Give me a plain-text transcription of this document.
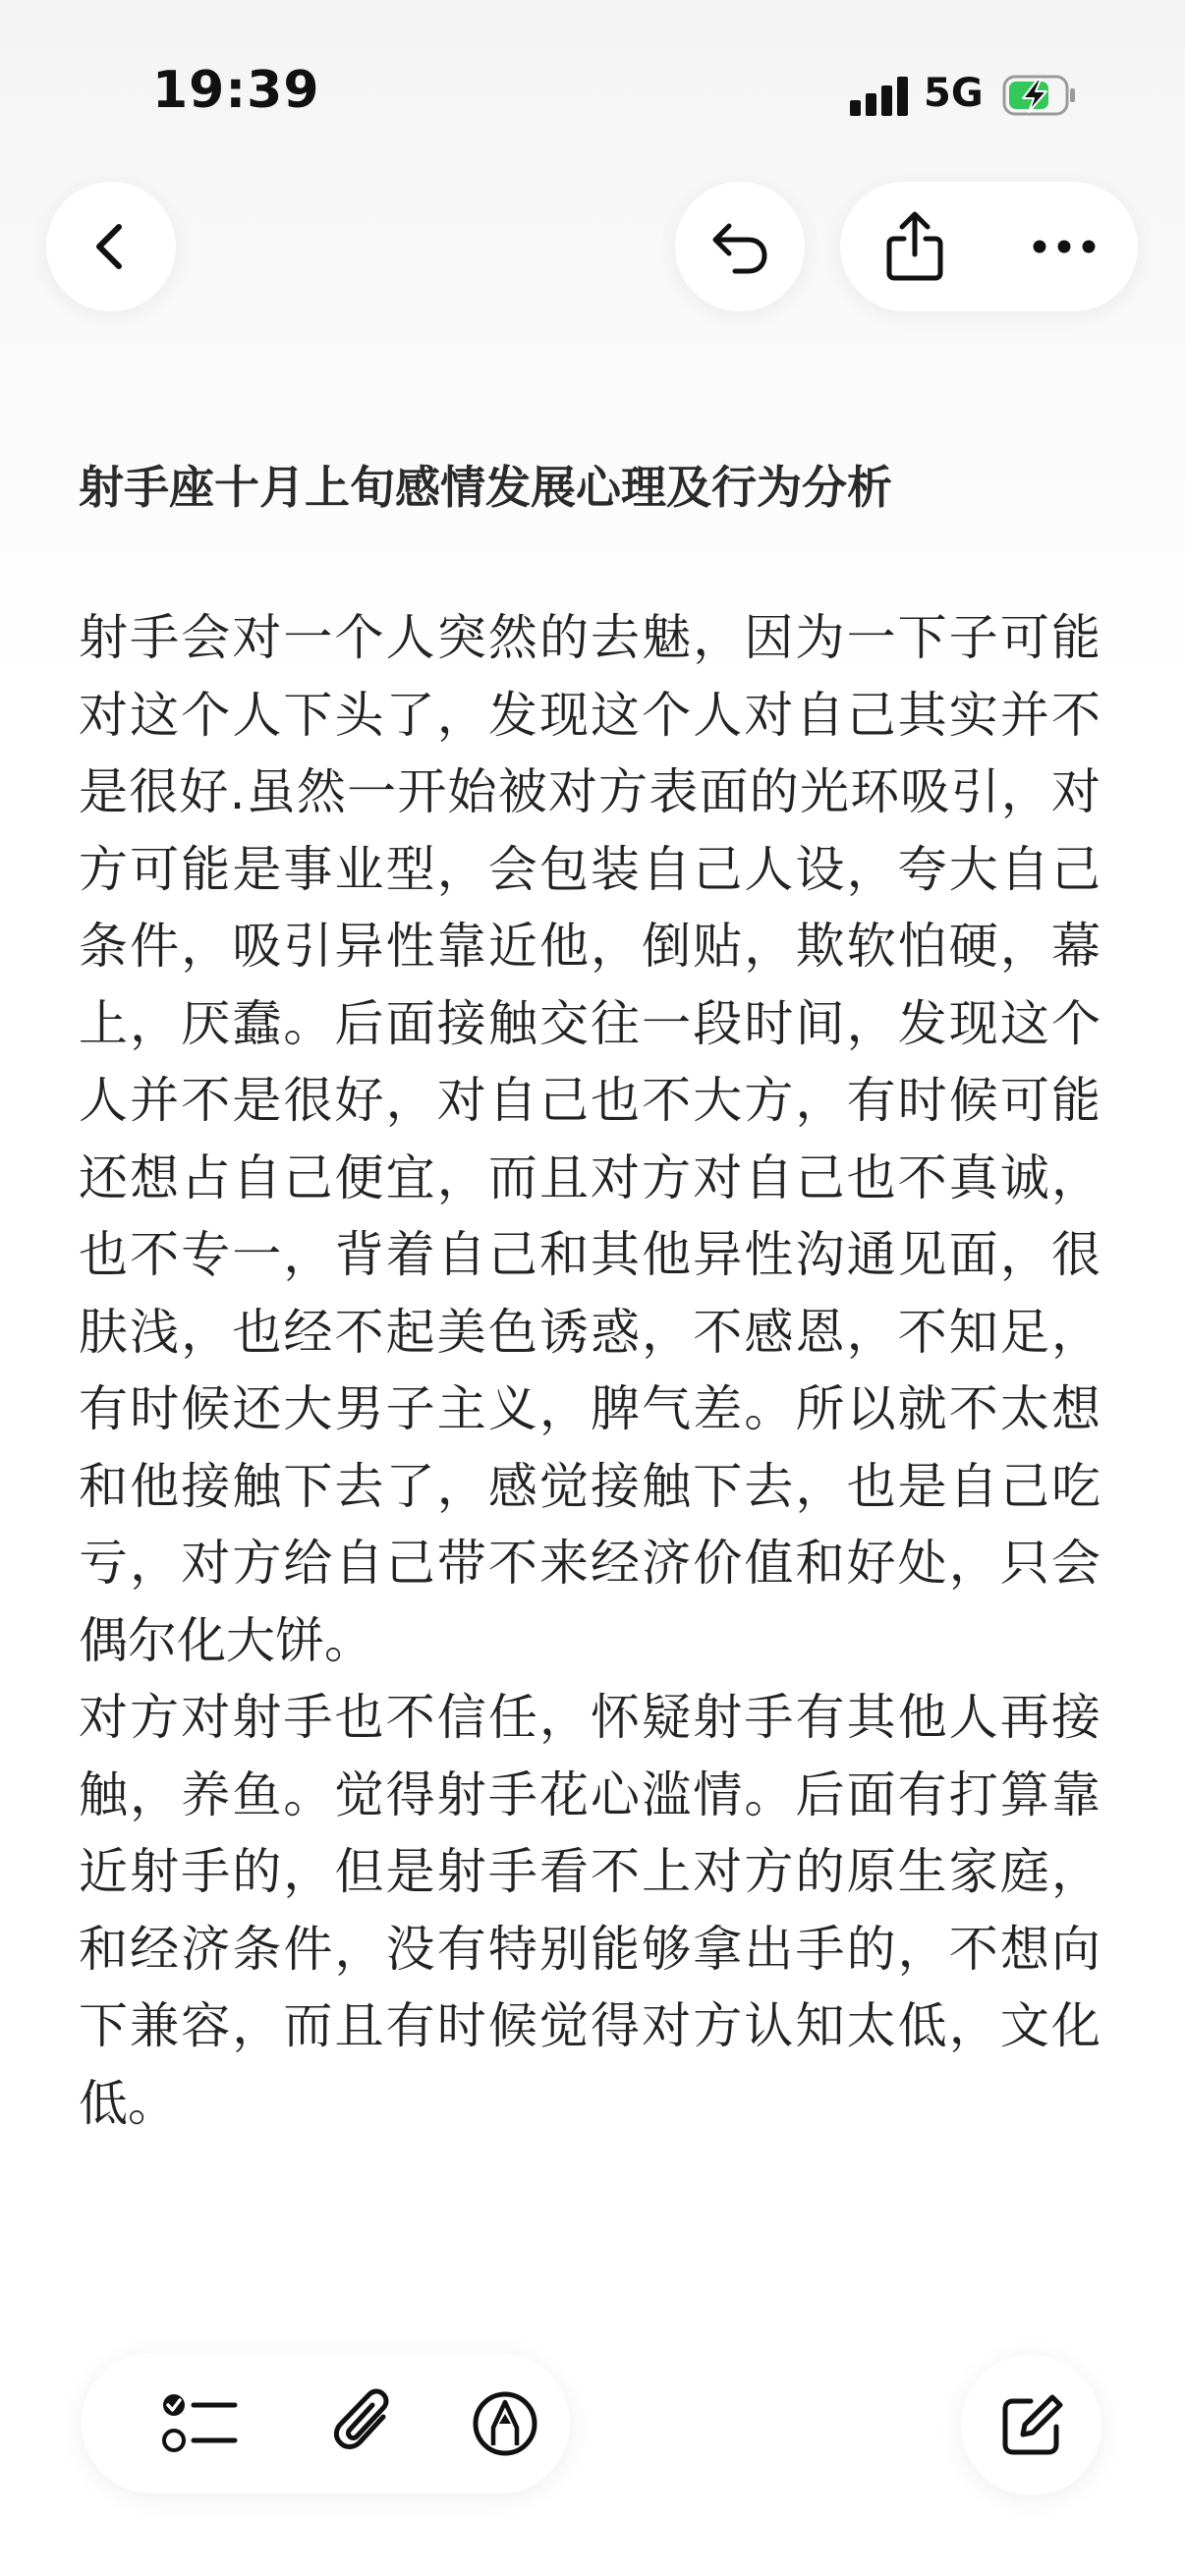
19:39	5G
射手座十月上旬感情发展心理及行为分析

射手会对一个人突然的去魅，因为一下子可能对这个人下头了，发现这个人对自己其实并不是很好.虽然一开始被对方表面的光环吸引，对方可能是事业型，会包装自己人设，夸大自己条件，吸引异性靠近他，倒贴，欺软怕硬，幕上，厌蠢。后面接触交往一段时间，发现这个人并不是很好，对自己也不大方，有时候可能还想占自己便宜，而且对方对自己也不真诚，也不专一，背着自己和其他异性沟通见面，很肤浅，也经不起美色诱惑，不感恩，不知足，有时候还大男子主义，脾气差。所以就不太想和他接触下去了，感觉接触下去，也是自己吃亏，对方给自己带不来经济价值和好处，只会偶尔化大饼。

对方对射手也不信任，怀疑射手有其他人再接触，养鱼。觉得射手花心滥情。后面有打算靠近射手的，但是射手看不上对方的原生家庭，和经济条件，没有特别能够拿出手的，不想向下兼容，而且有时候觉得对方认知太低，文化低。
